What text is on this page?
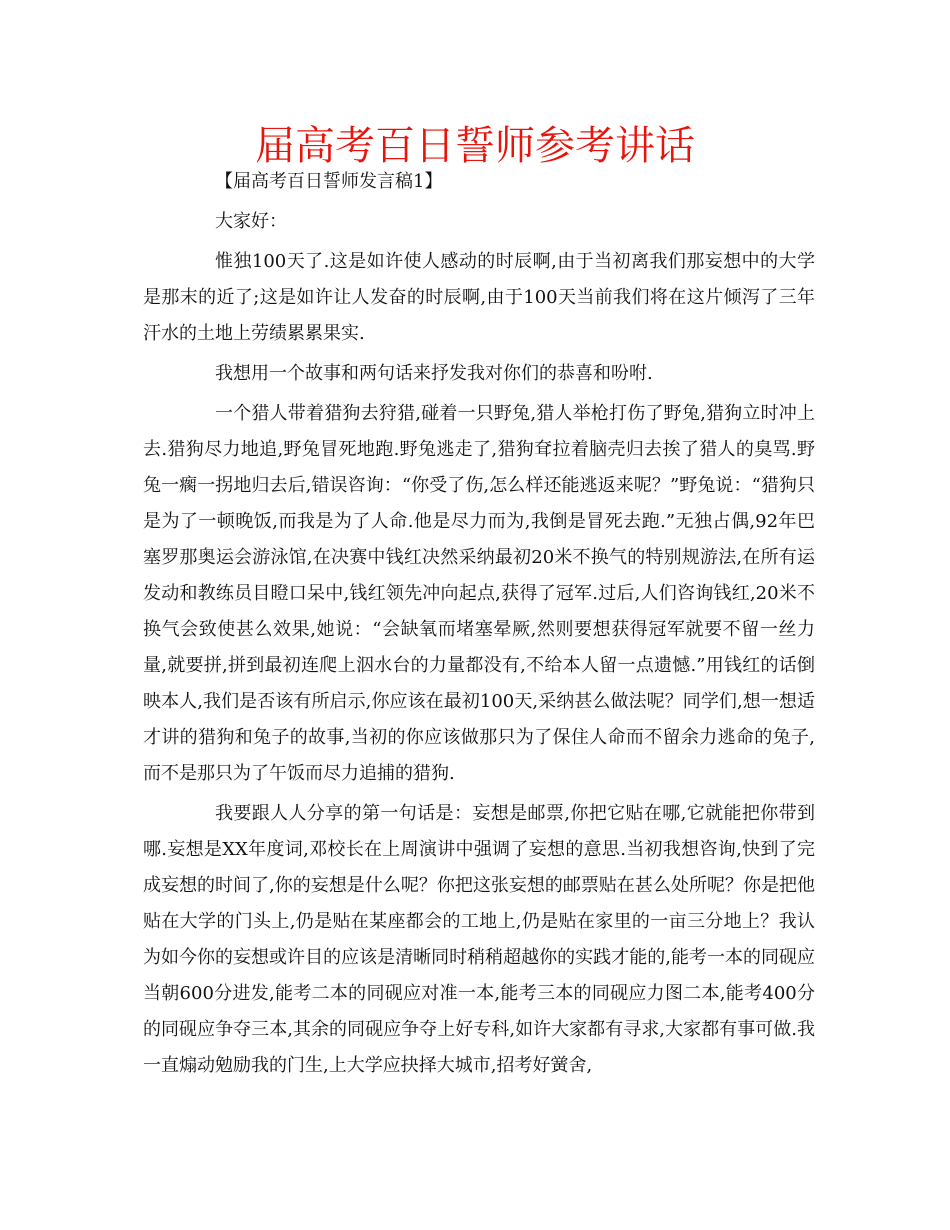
届高考百日誓师参考讲话

【届高考百日誓师发言稿1】

大家好：

惟独100天了.这是如许使人感动的时辰啊,由于当初离我们那妄想中的大学是那末的近了;这是如许让人发奋的时辰啊,由于100天当前我们将在这片倾泻了三年汗水的土地上劳绩累累果实.

我想用一个故事和两句话来抒发我对你们的恭喜和吩咐.

一个猎人带着猎狗去狩猎,碰着一只野兔,猎人举枪打伤了野兔,猎狗立时冲上去.猎狗尽力地追,野兔冒死地跑.野兔逃走了,猎狗耷拉着脑壳归去挨了猎人的臭骂.野兔一瘸一拐地归去后,错误咨询：“你受了伤,怎么样还能逃返来呢？”野兔说：“猎狗只是为了一顿晚饭,而我是为了人命.他是尽力而为,我倒是冒死去跑.”无独占偶,92年巴塞罗那奥运会游泳馆,在决赛中钱红决然采纳最初20米不换气的特别规游法,在所有运发动和教练员目瞪口呆中,钱红领先冲向起点,获得了冠军.过后,人们咨询钱红,20米不换气会致使甚么效果,她说：“会缺氧而堵塞晕厥,然则要想获得冠军就要不留一丝力量,就要拼,拼到最初连爬上泅水台的力量都没有,不给本人留一点遗憾.”用钱红的话倒映本人,我们是否该有所启示,你应该在最初100天,采纳甚么做法呢？同学们,想一想适才讲的猎狗和兔子的故事,当初的你应该做那只为了保住人命而不留余力逃命的兔子,而不是那只为了午饭而尽力追捕的猎狗.

我要跟人人分享的第一句话是：妄想是邮票,你把它贴在哪,它就能把你带到哪.妄想是XX年度词,邓校长在上周演讲中强调了妄想的意思.当初我想咨询,快到了完成妄想的时间了,你的妄想是什么呢？你把这张妄想的邮票贴在甚么处所呢？你是把他贴在大学的门头上,仍是贴在某座都会的工地上,仍是贴在家里的一亩三分地上？我认为如今你的妄想或许目的应该是清晰同时稍稍超越你的实践才能的,能考一本的同砚应当朝600分进发,能考二本的同砚应对准一本,能考三本的同砚应力图二本,能考400分的同砚应争夺三本,其余的同砚应争夺上好专科,如许大家都有寻求,大家都有事可做.我一直煽动勉励我的门生,上大学应抉择大城市,招考好黉舍,
